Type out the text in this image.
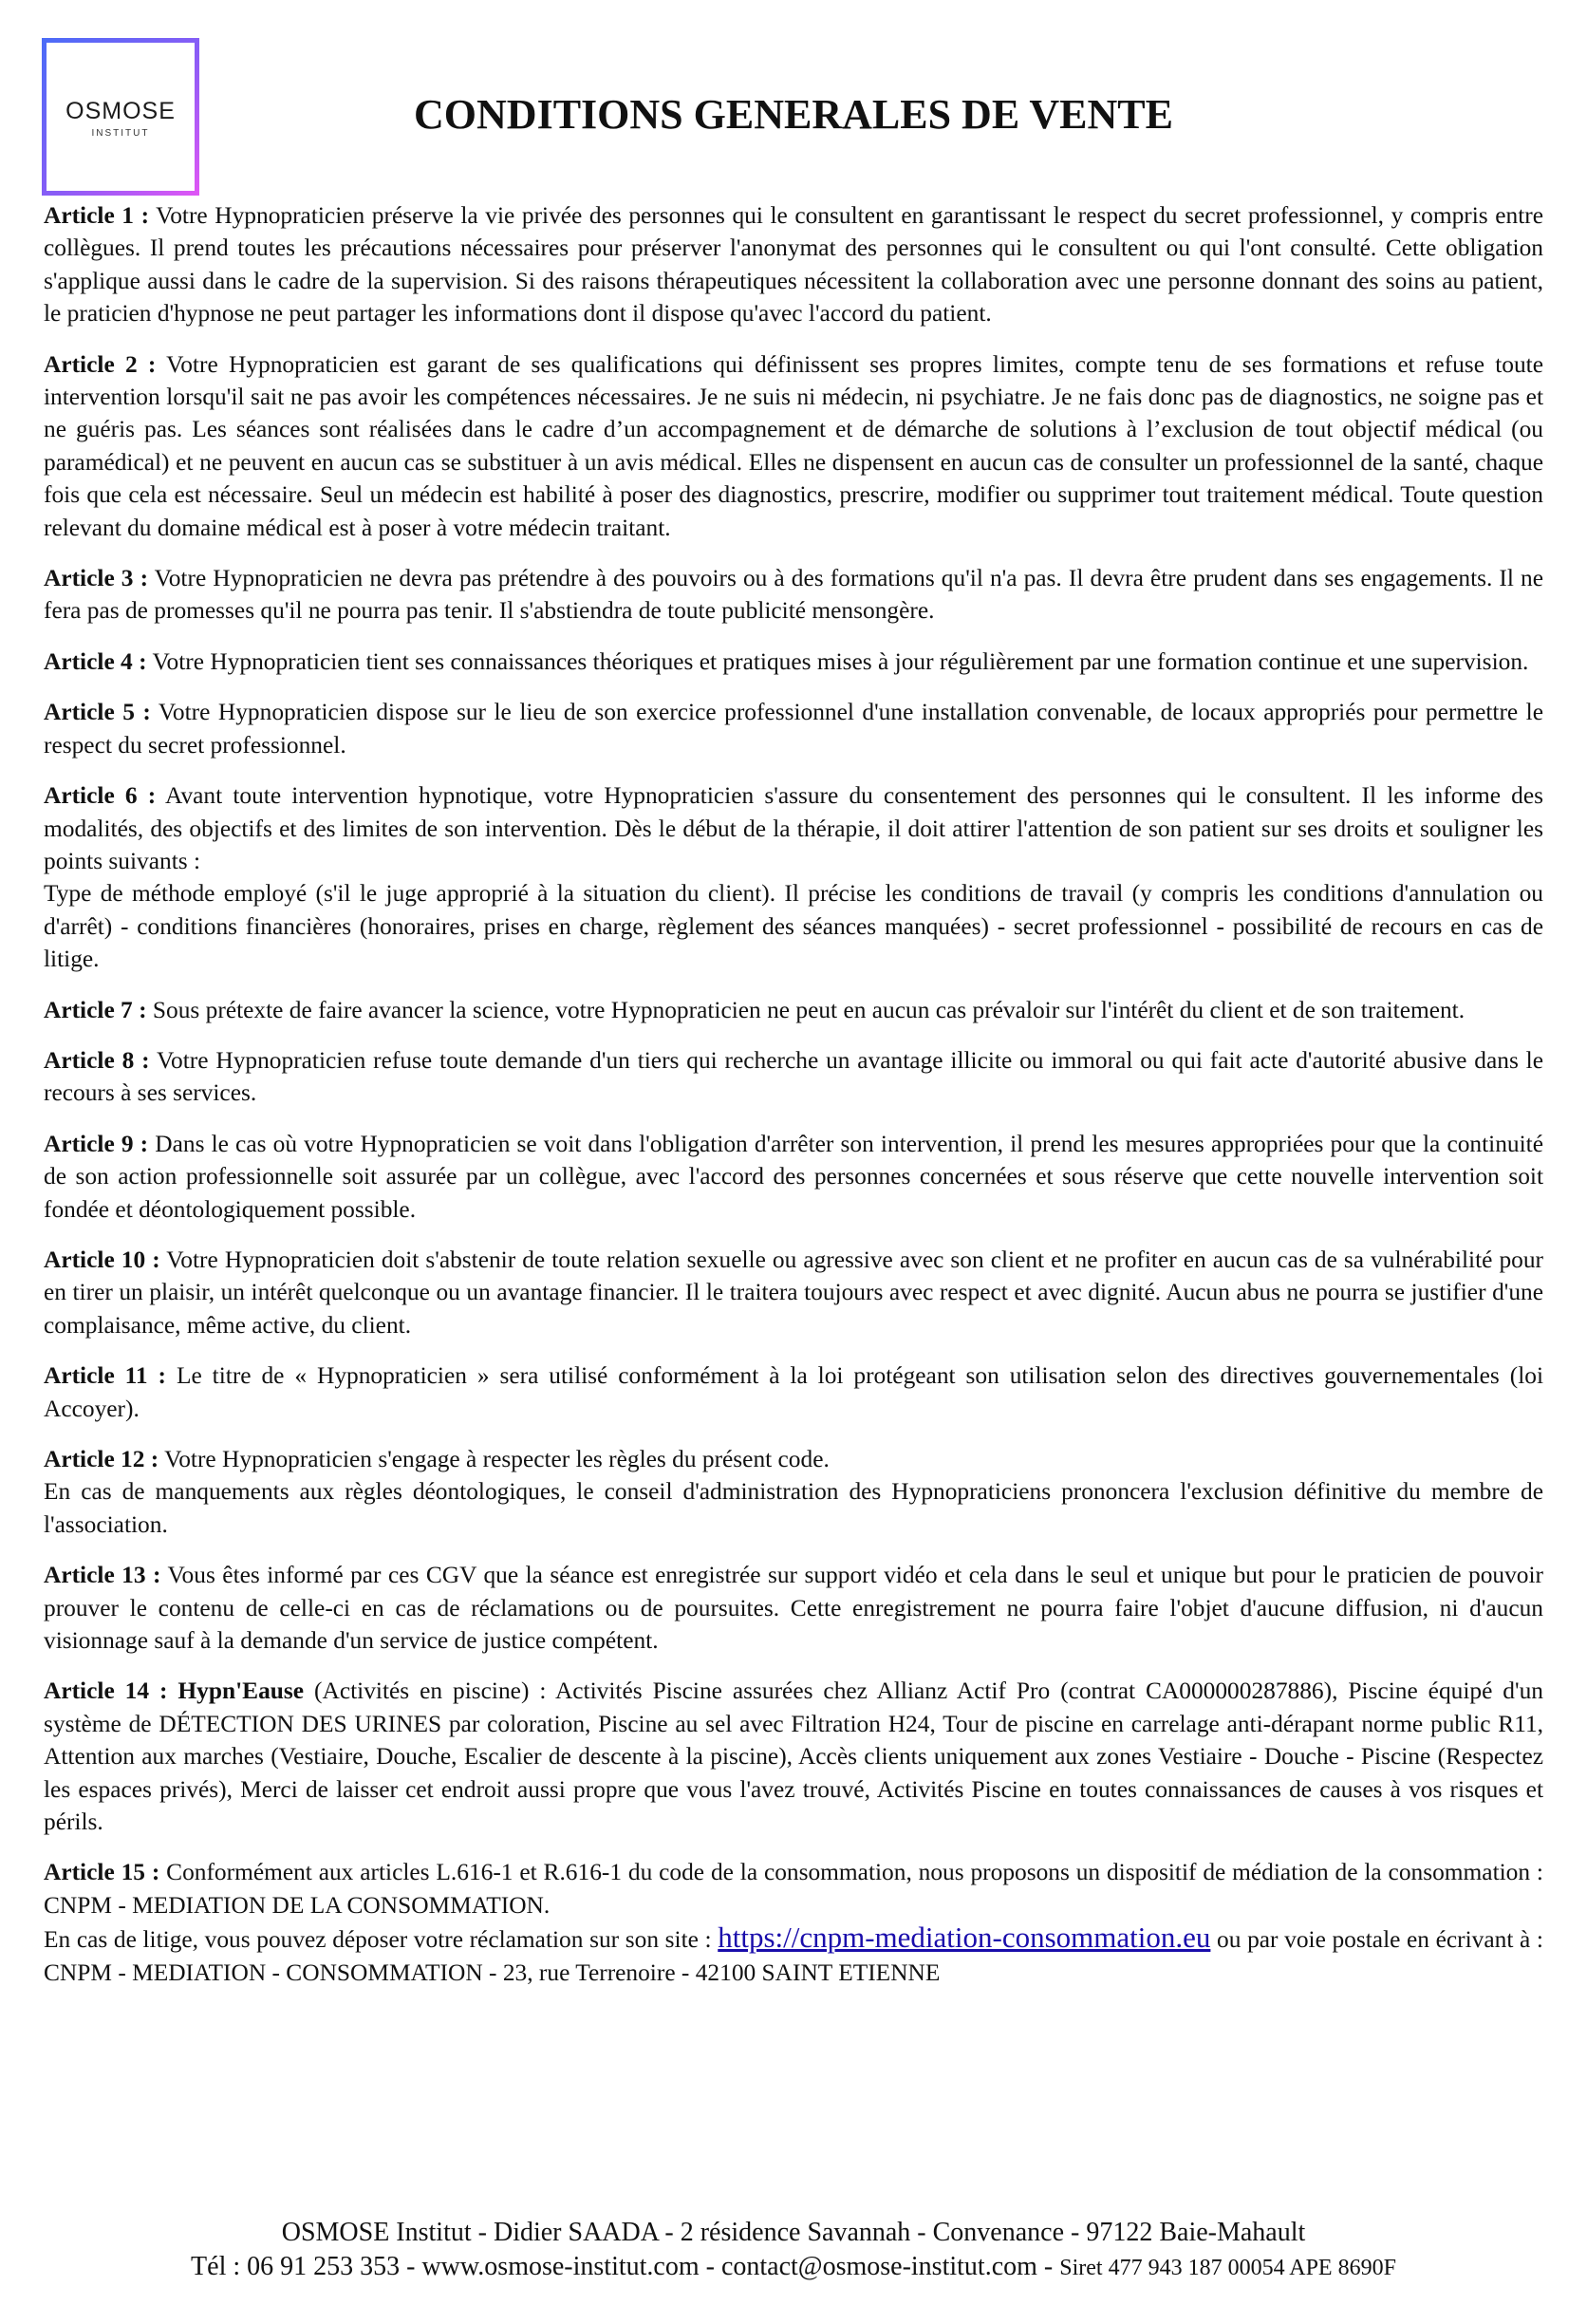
OSMOSE
INSTITUT	CONDITIONS GENERALES DE VENTE

Article 1 : Votre Hypnopraticien préserve la vie privée des personnes qui le consultent en garantissant le respect du secret professionnel, y compris entre collègues. Il prend toutes les précautions nécessaires pour préserver l'anonymat des personnes qui le consultent ou qui l'ont consulté. Cette obligation s'applique aussi dans le cadre de la supervision. Si des raisons thérapeutiques nécessitent la collaboration avec une personne donnant des soins au patient, le praticien d'hypnose ne peut partager les informations dont il dispose qu'avec l'accord du patient.

Article 2 : Votre Hypnopraticien est garant de ses qualifications qui définissent ses propres limites, compte tenu de ses formations et refuse toute intervention lorsqu'il sait ne pas avoir les compétences nécessaires. Je ne suis ni médecin, ni psychiatre. Je ne fais donc pas de diagnostics, ne soigne pas et ne guéris pas. Les séances sont réalisées dans le cadre d’un accompagnement et de démarche de solutions à l’exclusion de tout objectif médical (ou paramédical) et ne peuvent en aucun cas se substituer à un avis médical. Elles ne dispensent en aucun cas de consulter un professionnel de la santé, chaque fois que cela est nécessaire. Seul un médecin est habilité à poser des diagnostics, prescrire, modifier ou supprimer tout traitement médical. Toute question relevant du domaine médical est à poser à votre médecin traitant.

Article 3 : Votre Hypnopraticien ne devra pas prétendre à des pouvoirs ou à des formations qu'il n'a pas. Il devra être prudent dans ses engagements. Il ne fera pas de promesses qu'il ne pourra pas tenir. Il s'abstiendra de toute publicité mensongère.

Article 4 : Votre Hypnopraticien tient ses connaissances théoriques et pratiques mises à jour régulièrement par une formation continue et une supervision.

Article 5 : Votre Hypnopraticien dispose sur le lieu de son exercice professionnel d'une installation convenable, de locaux appropriés pour permettre le respect du secret professionnel.

Article 6 : Avant toute intervention hypnotique, votre Hypnopraticien s'assure du consentement des personnes qui le consultent. Il les informe des modalités, des objectifs et des limites de son intervention. Dès le début de la thérapie, il doit attirer l'attention de son patient sur ses droits et souligner les points suivants :
Type de méthode employé (s'il le juge approprié à la situation du client). Il précise les conditions de travail (y compris les conditions d'annulation ou d'arrêt) - conditions financières (honoraires, prises en charge, règlement des séances manquées) - secret professionnel - possibilité de recours en cas de litige.

Article 7 : Sous prétexte de faire avancer la science, votre Hypnopraticien ne peut en aucun cas prévaloir sur l'intérêt du client et de son traitement.

Article 8 : Votre Hypnopraticien refuse toute demande d'un tiers qui recherche un avantage illicite ou immoral ou qui fait acte d'autorité abusive dans le recours à ses services.

Article 9 : Dans le cas où votre Hypnopraticien se voit dans l'obligation d'arrêter son intervention, il prend les mesures appropriées pour que la continuité de son action professionnelle soit assurée par un collègue, avec l'accord des personnes concernées et sous réserve que cette nouvelle intervention soit fondée et déontologiquement possible.

Article 10 : Votre Hypnopraticien doit s'abstenir de toute relation sexuelle ou agressive avec son client et ne profiter en aucun cas de sa vulnérabilité pour en tirer un plaisir, un intérêt quelconque ou un avantage financier. Il le traitera toujours avec respect et avec dignité. Aucun abus ne pourra se justifier d'une complaisance, même active, du client.

Article 11 : Le titre de « Hypnopraticien » sera utilisé conformément à la loi protégeant son utilisation selon des directives gouvernementales (loi Accoyer).

Article 12 : Votre Hypnopraticien s'engage à respecter les règles du présent code.
En cas de manquements aux règles déontologiques, le conseil d'administration des Hypnopraticiens prononcera l'exclusion définitive du membre de l'association.

Article 13 : Vous êtes informé par ces CGV que la séance est enregistrée sur support vidéo et cela dans le seul et unique but pour le praticien de pouvoir prouver le contenu de celle-ci en cas de réclamations ou de poursuites. Cette enregistrement ne pourra faire l'objet d'aucune diffusion, ni d'aucun visionnage sauf à la demande d'un service de justice compétent.

Article 14 : Hypn'Eause (Activités en piscine) : Activités Piscine assurées chez Allianz Actif Pro (contrat CA000000287886), Piscine équipé d'un système de DÉTECTION DES URINES par coloration, Piscine au sel avec Filtration H24, Tour de piscine en carrelage anti-dérapant norme public R11, Attention aux marches (Vestiaire, Douche, Escalier de descente à la piscine), Accès clients uniquement aux zones Vestiaire - Douche - Piscine (Respectez les espaces privés), Merci de laisser cet endroit aussi propre que vous l'avez trouvé, Activités Piscine en toutes connaissances de causes à vos risques et périls.

Article 15 : Conformément aux articles L.616-1 et R.616-1 du code de la consommation, nous proposons un dispositif de médiation de la consommation : CNPM - MEDIATION DE LA CONSOMMATION.
En cas de litige, vous pouvez déposer votre réclamation sur son site : https://cnpm-mediation-consommation.eu ou par voie postale en écrivant à : CNPM - MEDIATION - CONSOMMATION - 23, rue Terrenoire - 42100 SAINT ETIENNE

OSMOSE Institut - Didier SAADA - 2 résidence Savannah - Convenance - 97122 Baie-Mahault
Tél : 06 91 253 353 - www.osmose-institut.com - contact@osmose-institut.com - Siret 477 943 187 00054 APE 8690F
